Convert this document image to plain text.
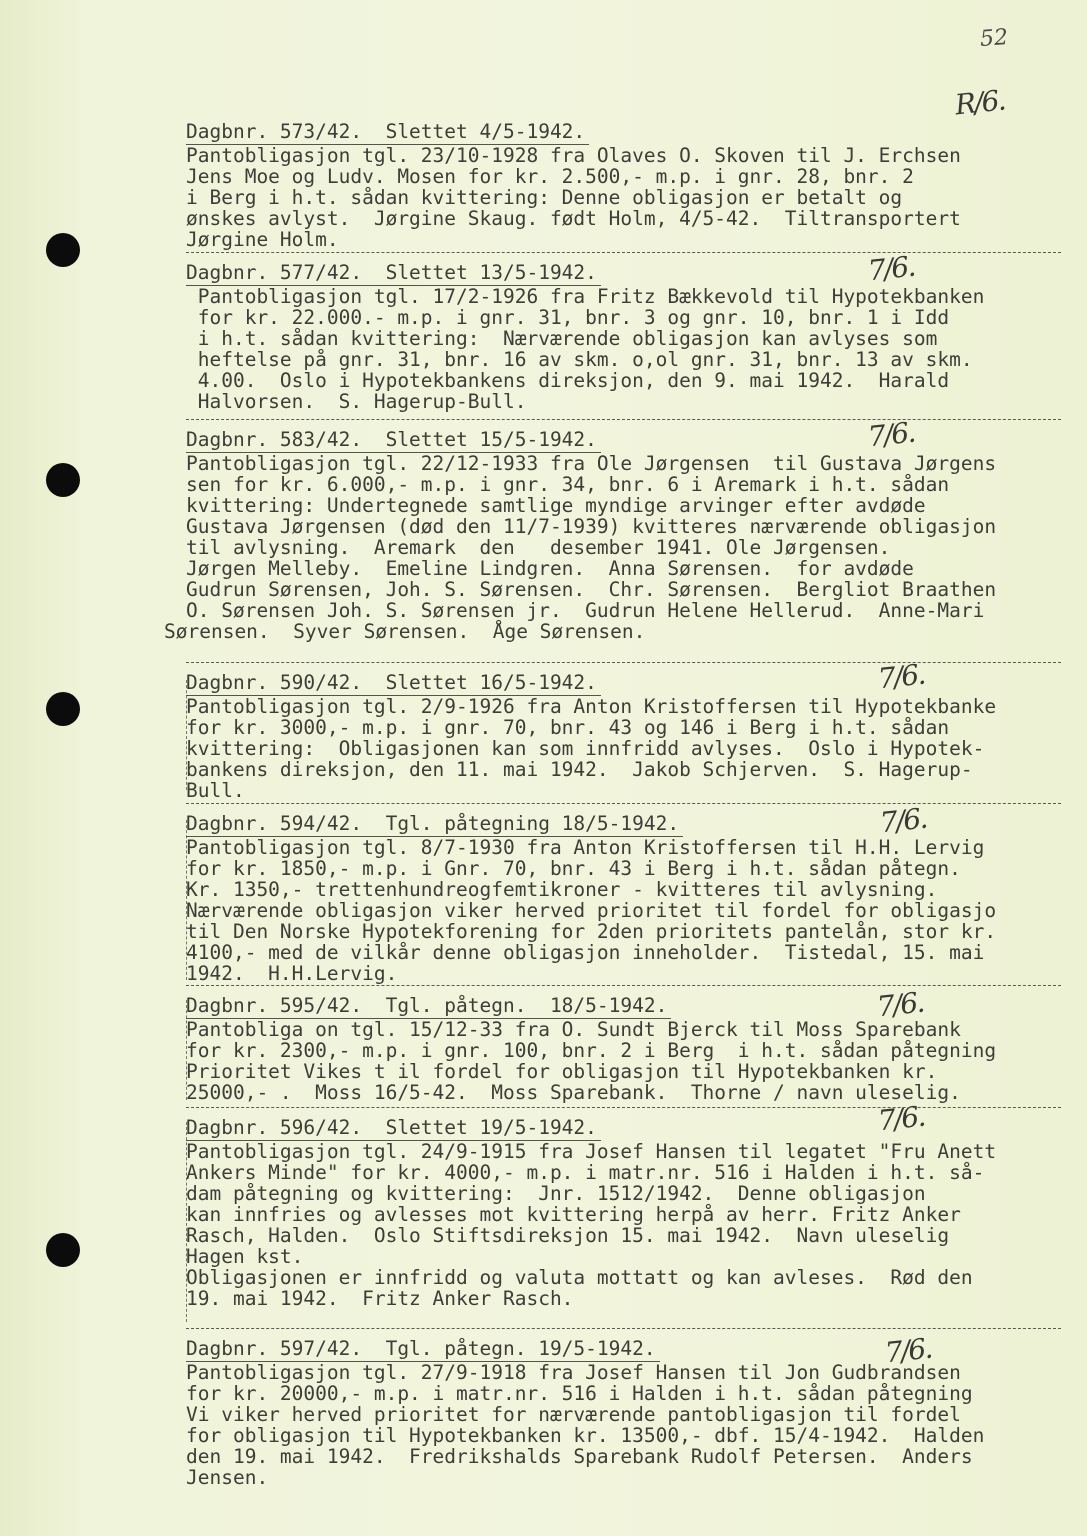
52
R/6.
7/6.
7/6.
7/6.
7/6.
7/6.
7/6.
7/6.
Dagbnr. 573/42.  Slettet 4/5-1942.
Pantobligasjon tgl. 23/10-1928 fra Olaves O. Skoven til J. Erchsen
Jens Moe og Ludv. Mosen for kr. 2.500,- m.p. i gnr. 28, bnr. 2
i Berg i h.t. sådan kvittering: Denne obligasjon er betalt og
ønskes avlyst.  Jørgine Skaug. født Holm, 4/5-42.  Tiltransportert
Jørgine Holm.
Dagbnr. 577/42.  Slettet 13/5-1942.
Pantobligasjon tgl. 17/2-1926 fra Fritz Bækkevold til Hypotekbanken
for kr. 22.000.- m.p. i gnr. 31, bnr. 3 og gnr. 10, bnr. 1 i Idd
i h.t. sådan kvittering:  Nærværende obligasjon kan avlyses som
heftelse på gnr. 31, bnr. 16 av skm. o,ol gnr. 31, bnr. 13 av skm.
4.00.  Oslo i Hypotekbankens direksjon, den 9. mai 1942.  Harald
Halvorsen.  S. Hagerup-Bull.
Dagbnr. 583/42.  Slettet 15/5-1942.
Pantobligasjon tgl. 22/12-1933 fra Ole Jørgensen  til Gustava Jørgens
sen for kr. 6.000,- m.p. i gnr. 34, bnr. 6 i Aremark i h.t. sådan
kvittering: Undertegnede samtlige myndige arvinger efter avdøde
Gustava Jørgensen (død den 11/7-1939) kvitteres nærværende obligasjon
til avlysning.  Aremark  den   desember 1941. Ole Jørgensen.
Jørgen Melleby.  Emeline Lindgren.  Anna Sørensen.  for avdøde
Gudrun Sørensen, Joh. S. Sørensen.  Chr. Sørensen.  Bergliot Braathen
O. Sørensen Joh. S. Sørensen jr.  Gudrun Helene Hellerud.  Anne-Mari
Sørensen.  Syver Sørensen.  Åge Sørensen.
Dagbnr. 590/42.  Slettet 16/5-1942.
Pantobligasjon tgl. 2/9-1926 fra Anton Kristoffersen til Hypotekbanke
for kr. 3000,- m.p. i gnr. 70, bnr. 43 og 146 i Berg i h.t. sådan
kvittering:  Obligasjonen kan som innfridd avlyses.  Oslo i Hypotek-
bankens direksjon, den 11. mai 1942.  Jakob Schjerven.  S. Hagerup-
Bull.
Dagbnr. 594/42.  Tgl. påtegning 18/5-1942.
Pantobligasjon tgl. 8/7-1930 fra Anton Kristoffersen til H.H. Lervig
for kr. 1850,- m.p. i Gnr. 70, bnr. 43 i Berg i h.t. sådan påtegn.
Kr. 1350,- trettenhundreogfemtikroner - kvitteres til avlysning.
Nærværende obligasjon viker herved prioritet til fordel for obligasjo
til Den Norske Hypotekforening for 2den prioritets pantelån, stor kr.
4100,- med de vilkår denne obligasjon inneholder.  Tistedal, 15. mai
1942.  H.H.Lervig.
Dagbnr. 595/42.  Tgl. påtegn.  18/5-1942.
Pantobliga on tgl. 15/12-33 fra O. Sundt Bjerck til Moss Sparebank
for kr. 2300,- m.p. i gnr. 100, bnr. 2 i Berg  i h.t. sådan påtegning
Prioritet Vikes t il fordel for obligasjon til Hypotekbanken kr.
25000,- .  Moss 16/5-42.  Moss Sparebank.  Thorne / navn uleselig.
Dagbnr. 596/42.  Slettet 19/5-1942.
Pantobligasjon tgl. 24/9-1915 fra Josef Hansen til legatet "Fru Anett
Ankers Minde" for kr. 4000,- m.p. i matr.nr. 516 i Halden i h.t. så-
dam påtegning og kvittering:  Jnr. 1512/1942.  Denne obligasjon
kan innfries og avlesses mot kvittering herpå av herr. Fritz Anker
Rasch, Halden.  Oslo Stiftsdireksjon 15. mai 1942.  Navn uleselig
Hagen kst.
Obligasjonen er innfridd og valuta mottatt og kan avleses.  Rød den
19. mai 1942.  Fritz Anker Rasch.
Dagbnr. 597/42.  Tgl. påtegn. 19/5-1942.
Pantobligasjon tgl. 27/9-1918 fra Josef Hansen til Jon Gudbrandsen
for kr. 20000,- m.p. i matr.nr. 516 i Halden i h.t. sådan påtegning
Vi viker herved prioritet for nærværende pantobligasjon til fordel
for obligasjon til Hypotekbanken kr. 13500,- dbf. 15/4-1942.  Halden
den 19. mai 1942.  Fredrikshalds Sparebank Rudolf Petersen.  Anders
Jensen.
